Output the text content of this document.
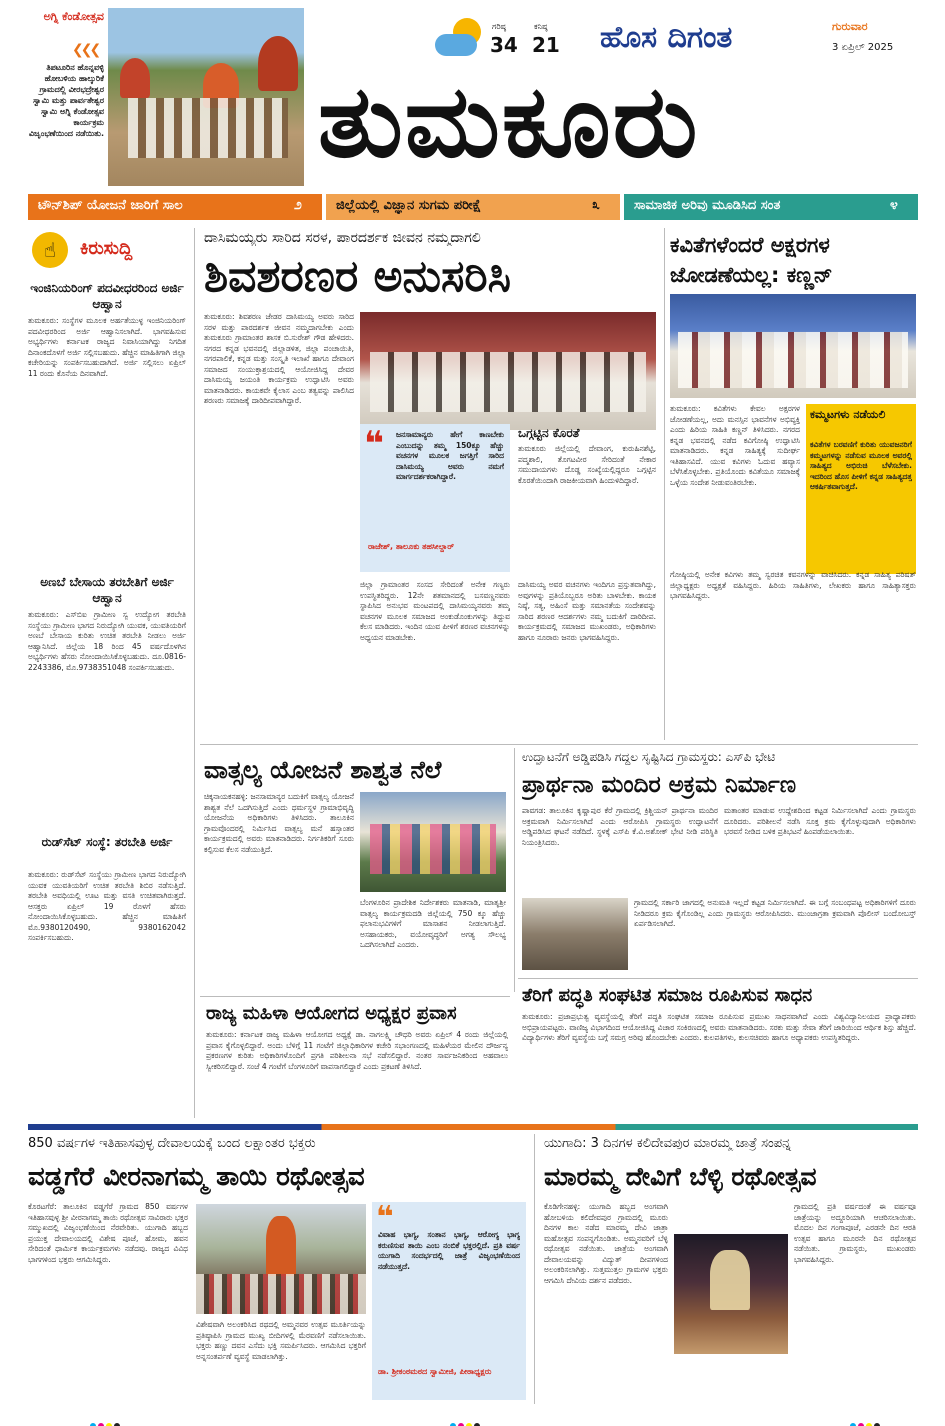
ಅಗ್ನಿ ಕೆಂಡೋತ್ಸವ
❮❮❮
ತಿಪಟೂರಿನ ಹೊನ್ನವಳ್ಳಿ ಹೋಬಳಿಯ ಹಾಲ್ಕುರಿಕೆ ಗ್ರಾಮದಲ್ಲಿ ವೀರಭದ್ರೇಶ್ವರ ಸ್ವಾಮಿ ಮತ್ತು ಪಾರ್ವತೇಶ್ವರ ಸ್ವಾಮಿ ಅಗ್ನಿ ಕೆಂಡೋತ್ಸವ ಕಾರ್ಯಕ್ರಮ ವಿಜೃಂಭಣೆಯಿಂದ ನಡೆಯಿತು.
ಗರಿಷ್ಠ
34
ಕನಿಷ್ಠ
21 ಹೊಸ ದಿಗಂತ	ಗುರುವಾರ
3 ಏಪ್ರಿಲ್ 2025
ತುಮಕೂರು
ಟೌನ್‌ಶಿಪ್ ಯೋಜನೆ ಜಾರಿಗೆ ಸಾಲ	೨	ಜಿಲ್ಲೆಯಲ್ಲಿ ವಿಜ್ಞಾನ ಸುಗಮ ಪರೀಕ್ಷೆ	೩	ಸಾಮಾಜಿಕ ಅರಿವು ಮೂಡಿಸಿದ ಸಂತ	೪
☝	ಕಿರುಸುದ್ದಿ
ಇಂಜಿನಿಯರಿಂಗ್ ಪದವೀಧರರಿಂದ ಅರ್ಜಿ ಆಹ್ವಾನ
ತುಮಕೂರು: ಸಂಸ್ಥೆಗಳ ಮೂಲಕ ಅರ್ಹತೆಯುಳ್ಳ ಇಂಜಿನಿಯರಿಂಗ್ ಪದವೀಧರರಿಂದ ಅರ್ಜಿ ಆಹ್ವಾನಿಸಲಾಗಿದೆ. ಭಾಗವಹಿಸುವ ಅಭ್ಯರ್ಥಿಗಳು ಕರ್ನಾಟಕ ರಾಜ್ಯದ ನಿವಾಸಿಯಾಗಿದ್ದು ನಿಗದಿತ ದಿನಾಂಕದೊಳಗೆ ಅರ್ಜಿ ಸಲ್ಲಿಸಬಹುದು. ಹೆಚ್ಚಿನ ಮಾಹಿತಿಗಾಗಿ ಜಿಲ್ಲಾ ಕಚೇರಿಯನ್ನು ಸಂಪರ್ಕಿಸಬಹುದಾಗಿದೆ. ಅರ್ಜಿ ಸಲ್ಲಿಸಲು ಏಪ್ರಿಲ್ 11 ರಂದು ಕೊನೆಯ ದಿನವಾಗಿದೆ.
ಅಣಬೆ ಬೇಸಾಯ ತರಬೇತಿಗೆ ಅರ್ಜಿ ಆಹ್ವಾನ
ತುಮಕೂರು: ಎಸ್‌ಬಿಐ ಗ್ರಾಮೀಣ ಸ್ವ ಉದ್ಯೋಗ ತರಬೇತಿ ಸಂಸ್ಥೆಯು ಗ್ರಾಮೀಣ ಭಾಗದ ನಿರುದ್ಯೋಗಿ ಯುವಕ, ಯುವತಿಯರಿಗೆ ಅಣಬೆ ಬೇಸಾಯ ಕುರಿತು ಉಚಿತ ತರಬೇತಿ ನೀಡಲು ಅರ್ಜಿ ಆಹ್ವಾನಿಸಿದೆ. ಜಿಲ್ಲೆಯ 18 ರಿಂದ 45 ವರ್ಷದೊಳಗಿನ ಅಭ್ಯರ್ಥಿಗಳು ಹೆಸರು ನೋಂದಾಯಿಸಿಕೊಳ್ಳಬಹುದು. ದೂ.0816-2243386, ಮೊ.9738351048 ಸಂಪರ್ಕಿಸಬಹುದು.
ರುಡ್‌ಸೆಟ್ ಸಂಸ್ಥೆ: ತರಬೇತಿ ಅರ್ಜಿ
ತುಮಕೂರು: ರುಡ್‌ಸೆಟ್ ಸಂಸ್ಥೆಯು ಗ್ರಾಮೀಣ ಭಾಗದ ನಿರುದ್ಯೋಗಿ ಯುವಕ ಯುವತಿಯರಿಗೆ ಉಚಿತ ತರಬೇತಿ ಶಿಬಿರ ನಡೆಸುತ್ತಿದೆ. ತರಬೇತಿ ಅವಧಿಯಲ್ಲಿ ಊಟ ಮತ್ತು ವಸತಿ ಉಚಿತವಾಗಿರುತ್ತದೆ. ಆಸಕ್ತರು ಏಪ್ರಿಲ್ 19 ರೊಳಗೆ ಹೆಸರು ನೋಂದಾಯಿಸಿಕೊಳ್ಳಬಹುದು. ಹೆಚ್ಚಿನ ಮಾಹಿತಿಗೆ ಮೊ.9380120490, 9380162042 ಸಂಪರ್ಕಿಸಬಹುದು.
ದಾಸಿಮಯ್ಯರು ಸಾರಿದ ಸರಳ, ಪಾರದರ್ಶಕ ಜೀವನ ನಮ್ಮದಾಗಲಿ
ಶಿವಶರಣರ ಅನುಸರಿಸಿ
ತುಮಕೂರು: ಶಿವಶರಣ ಜೇಡರ ದಾಸಿಮಯ್ಯ ಅವರು ಸಾರಿದ ಸರಳ ಮತ್ತು ಪಾರದರ್ಶಕ ಜೀವನ ನಮ್ಮದಾಗಬೇಕು ಎಂದು ತುಮಕೂರು ಗ್ರಾಮಾಂತರ ಶಾಸಕ ಬಿ.ಸುರೇಶ್ ಗೌಡ ಹೇಳಿದರು. ನಗರದ ಕನ್ನಡ ಭವನದಲ್ಲಿ ಜಿಲ್ಲಾಡಳಿತ, ಜಿಲ್ಲಾ ಪಂಚಾಯಿತಿ, ನಗರಪಾಲಿಕೆ, ಕನ್ನಡ ಮತ್ತು ಸಂಸ್ಕೃತಿ ಇಲಾಖೆ ಹಾಗೂ ದೇವಾಂಗ ಸಮಾಜದ ಸಂಯುಕ್ತಾಶ್ರಯದಲ್ಲಿ ಆಯೋಜಿಸಿದ್ದ ದೇವರ ದಾಸಿಮಯ್ಯ ಜಯಂತಿ ಕಾರ್ಯಕ್ರಮ ಉದ್ಘಾಟಿಸಿ ಅವರು ಮಾತನಾಡಿದರು. ಕಾಯಕವೇ ಕೈಲಾಸ ಎಂಬ ತತ್ವವನ್ನು ಪಾಲಿಸಿದ ಶರಣರು ಸಮಾಜಕ್ಕೆ ದಾರಿದೀಪವಾಗಿದ್ದಾರೆ.
❝ ಜನಸಾಮಾನ್ಯರು ಹೇಗೆ ಕಾಣಬೇಕು ಎಂಬುದನ್ನು ತಮ್ಮ 150ಕ್ಕೂ ಹೆಚ್ಚು ವಚನಗಳ ಮೂಲಕ ಜಗತ್ತಿಗೆ ಸಾರಿದ ದಾಸಿಮಯ್ಯ ಅವರು ನಮಗೆ ಮಾರ್ಗದರ್ಶಕರಾಗಿದ್ದಾರೆ.
ರಾಜೇಶ್, ತಾಲೂಕು ತಹಸೀಲ್ದಾರ್
ಒಗ್ಗಟ್ಟಿನ ಕೊರತೆ
ತುಮಕೂರು ಜಿಲ್ಲೆಯಲ್ಲಿ ದೇವಾಂಗ, ಕುರುಹಿನಶೆಟ್ಟಿ, ಪದ್ಮಶಾಲಿ, ತೊಗಟವೀರ ಸೇರಿದಂತೆ ನೇಕಾರ ಸಮುದಾಯಗಳು ದೊಡ್ಡ ಸಂಖ್ಯೆಯಲ್ಲಿದ್ದರೂ ಒಗ್ಗಟ್ಟಿನ ಕೊರತೆಯಿಂದಾಗಿ ರಾಜಕೀಯವಾಗಿ ಹಿಂದುಳಿದಿದ್ದಾರೆ.
ಜಿಲ್ಲಾ ಗ್ರಾಮಾಂತರ ಸಂಸದ ಸೇರಿದಂತೆ ಅನೇಕ ಗಣ್ಯರು ಉಪಸ್ಥಿತರಿದ್ದರು. 12ನೇ ಶತಮಾನದಲ್ಲಿ ಬಸವಣ್ಣನವರು ಸ್ಥಾಪಿಸಿದ ಅನುಭವ ಮಂಟಪದಲ್ಲಿ ದಾಸಿಮಯ್ಯನವರು ತಮ್ಮ ವಚನಗಳ ಮೂಲಕ ಸಮಾಜದ ಅಂಕುಡೊಂಕುಗಳನ್ನು ತಿದ್ದುವ ಕೆಲಸ ಮಾಡಿದರು. ಇಂದಿನ ಯುವ ಪೀಳಿಗೆ ಶರಣರ ವಚನಗಳನ್ನು ಅಧ್ಯಯನ ಮಾಡಬೇಕು.
ದಾಸಿಮಯ್ಯ ಅವರ ವಚನಗಳು ಇಂದಿಗೂ ಪ್ರಸ್ತುತವಾಗಿದ್ದು, ಅವುಗಳನ್ನು ಪ್ರತಿಯೊಬ್ಬರೂ ಅರಿತು ಬಾಳಬೇಕು. ಕಾಯಕ ನಿಷ್ಠೆ, ಸತ್ಯ, ಅಹಿಂಸೆ ಮತ್ತು ಸಮಾನತೆಯ ಸಂದೇಶವನ್ನು ಸಾರಿದ ಶರಣರ ಆದರ್ಶಗಳು ನಮ್ಮ ಬದುಕಿಗೆ ದಾರಿದೀಪ. ಕಾರ್ಯಕ್ರಮದಲ್ಲಿ ಸಮಾಜದ ಮುಖಂಡರು, ಅಧಿಕಾರಿಗಳು ಹಾಗೂ ನೂರಾರು ಜನರು ಭಾಗವಹಿಸಿದ್ದರು.
ಕವಿತೆಗಳೆಂದರೆ ಅಕ್ಷರಗಳ ಜೋಡಣೆಯಲ್ಲ: ಕಣ್ಣನ್
ತುಮಕೂರು: ಕವಿತೆಗಳು ಕೇವಲ ಅಕ್ಷರಗಳ ಜೋಡಣೆಯಲ್ಲ, ಅದು ಮನಸ್ಸಿನ ಭಾವನೆಗಳ ಅಭಿವ್ಯಕ್ತಿ ಎಂದು ಹಿರಿಯ ಸಾಹಿತಿ ಕಣ್ಣನ್ ತಿಳಿಸಿದರು. ನಗರದ ಕನ್ನಡ ಭವನದಲ್ಲಿ ನಡೆದ ಕವಿಗೋಷ್ಠಿ ಉದ್ಘಾಟಿಸಿ ಮಾತನಾಡಿದರು. ಕನ್ನಡ ಸಾಹಿತ್ಯಕ್ಕೆ ಸುದೀರ್ಘ ಇತಿಹಾಸವಿದೆ. ಯುವ ಕವಿಗಳು ಓದುವ ಹವ್ಯಾಸ ಬೆಳೆಸಿಕೊಳ್ಳಬೇಕು. ಪ್ರತಿಯೊಂದು ಕವಿತೆಯೂ ಸಮಾಜಕ್ಕೆ ಒಳ್ಳೆಯ ಸಂದೇಶ ನೀಡುವಂತಿರಬೇಕು.
ಕಮ್ಮಟಗಳು ನಡೆಯಲಿ
ಕವಿತೆಗಳ ಬರವಣಿಗೆ ಕುರಿತು ಯುವಜನರಿಗೆ ಕಮ್ಮಟಗಳನ್ನು ನಡೆಸುವ ಮೂಲಕ ಅವರಲ್ಲಿ ಸಾಹಿತ್ಯದ ಅಭಿರುಚಿ ಬೆಳೆಸಬೇಕು. ಇದರಿಂದ ಹೊಸ ಪೀಳಿಗೆ ಕನ್ನಡ ಸಾಹಿತ್ಯದತ್ತ ಆಕರ್ಷಿತವಾಗುತ್ತದೆ.
ಗೋಷ್ಠಿಯಲ್ಲಿ ಅನೇಕ ಕವಿಗಳು ತಮ್ಮ ಸ್ವರಚಿತ ಕವನಗಳನ್ನು ವಾಚಿಸಿದರು. ಕನ್ನಡ ಸಾಹಿತ್ಯ ಪರಿಷತ್ ಜಿಲ್ಲಾಧ್ಯಕ್ಷರು ಅಧ್ಯಕ್ಷತೆ ವಹಿಸಿದ್ದರು. ಹಿರಿಯ ಸಾಹಿತಿಗಳು, ಲೇಖಕರು ಹಾಗೂ ಸಾಹಿತ್ಯಾಸಕ್ತರು ಭಾಗವಹಿಸಿದ್ದರು.
ವಾತ್ಸಲ್ಯ ಯೋಜನೆ ಶಾಶ್ವತ ನೆಲೆ
ಚಿಕ್ಕನಾಯಕನಹಳ್ಳಿ: ಜನಸಾಮಾನ್ಯರ ಬದುಕಿಗೆ ವಾತ್ಸಲ್ಯ ಯೋಜನೆ ಶಾಶ್ವತ ನೆಲೆ ಒದಗಿಸುತ್ತಿದೆ ಎಂದು ಧರ್ಮಸ್ಥಳ ಗ್ರಾಮಾಭಿವೃದ್ಧಿ ಯೋಜನೆಯ ಅಧಿಕಾರಿಗಳು ತಿಳಿಸಿದರು. ತಾಲೂಕಿನ ಗ್ರಾಮವೊಂದರಲ್ಲಿ ನಿರ್ಮಿಸಿದ ವಾತ್ಸಲ್ಯ ಮನೆ ಹಸ್ತಾಂತರ ಕಾರ್ಯಕ್ರಮದಲ್ಲಿ ಅವರು ಮಾತನಾಡಿದರು. ನಿರ್ಗತಿಕರಿಗೆ ಸೂರು ಕಲ್ಪಿಸುವ ಕೆಲಸ ನಡೆಯುತ್ತಿದೆ.
ಬೆಂಗಳೂರಿನ ಪ್ರಾದೇಶಿಕ ನಿರ್ದೇಶಕರು ಮಾತನಾಡಿ, ಮಾತೃಶ್ರೀ ವಾತ್ಸಲ್ಯ ಕಾರ್ಯಕ್ರಮದಡಿ ಜಿಲ್ಲೆಯಲ್ಲಿ 750 ಕ್ಕೂ ಹೆಚ್ಚು ಫಲಾನುಭವಿಗಳಿಗೆ ಮಾಸಾಶನ ನೀಡಲಾಗುತ್ತಿದೆ. ಅಸಹಾಯಕರು, ವಯೋವೃದ್ಧರಿಗೆ ಅಗತ್ಯ ಸೌಲಭ್ಯ ಒದಗಿಸಲಾಗಿದೆ ಎಂದರು.
ಉದ್ಘಾಟನೆಗೆ ಅಡ್ಡಿಪಡಿಸಿ ಗದ್ದಲ ಸೃಷ್ಟಿಸಿದ ಗ್ರಾಮಸ್ಥರು: ಎಸ್‌ಪಿ ಭೇಟಿ
ಪ್ರಾರ್ಥನಾ ಮಂದಿರ ಅಕ್ರಮ ನಿರ್ಮಾಣ
ಪಾವಗಡ: ತಾಲೂಕಿನ ಕೃಷ್ಣಾಪುರ ಕೆರೆ ಗ್ರಾಮದಲ್ಲಿ ಕ್ರಿಶ್ಚಿಯನ್ ಪ್ರಾರ್ಥನಾ ಮಂದಿರ ಅಕ್ರಮವಾಗಿ ನಿರ್ಮಿಸಲಾಗಿದೆ ಎಂದು ಆರೋಪಿಸಿ ಗ್ರಾಮಸ್ಥರು ಉದ್ಘಾಟನೆಗೆ ಅಡ್ಡಿಪಡಿಸಿದ ಘಟನೆ ನಡೆದಿದೆ. ಸ್ಥಳಕ್ಕೆ ಎಸ್‌ಪಿ ಕೆ.ವಿ.ಅಶೋಕ್ ಭೇಟಿ ನೀಡಿ ಪರಿಸ್ಥಿತಿ ನಿಯಂತ್ರಿಸಿದರು.
ಮತಾಂತರ ಮಾಡುವ ಉದ್ದೇಶದಿಂದ ಕಟ್ಟಡ ನಿರ್ಮಿಸಲಾಗಿದೆ ಎಂದು ಗ್ರಾಮಸ್ಥರು ದೂರಿದರು. ಪರಿಶೀಲನೆ ನಡೆಸಿ ಸೂಕ್ತ ಕ್ರಮ ಕೈಗೊಳ್ಳುವುದಾಗಿ ಅಧಿಕಾರಿಗಳು ಭರವಸೆ ನೀಡಿದ ಬಳಿಕ ಪ್ರತಿಭಟನೆ ಹಿಂಪಡೆಯಲಾಯಿತು.
ಗ್ರಾಮದಲ್ಲಿ ಸರ್ಕಾರಿ ಜಾಗದಲ್ಲಿ ಅನುಮತಿ ಇಲ್ಲದೆ ಕಟ್ಟಡ ನಿರ್ಮಿಸಲಾಗಿದೆ. ಈ ಬಗ್ಗೆ ಸಂಬಂಧಪಟ್ಟ ಅಧಿಕಾರಿಗಳಿಗೆ ದೂರು ನೀಡಿದರೂ ಕ್ರಮ ಕೈಗೊಂಡಿಲ್ಲ ಎಂದು ಗ್ರಾಮಸ್ಥರು ಆರೋಪಿಸಿದರು. ಮುಂಜಾಗ್ರತಾ ಕ್ರಮವಾಗಿ ಪೊಲೀಸ್ ಬಂದೋಬಸ್ತ್ ಏರ್ಪಡಿಸಲಾಗಿದೆ.
ರಾಜ್ಯ ಮಹಿಳಾ ಆಯೋಗದ ಅಧ್ಯಕ್ಷರ ಪ್ರವಾಸ
ತುಮಕೂರು: ಕರ್ನಾಟಕ ರಾಜ್ಯ ಮಹಿಳಾ ಆಯೋಗದ ಅಧ್ಯಕ್ಷೆ ಡಾ. ನಾಗಲಕ್ಷ್ಮಿ ಚೌಧರಿ ಅವರು ಏಪ್ರಿಲ್ 4 ರಂದು ಜಿಲ್ಲೆಯಲ್ಲಿ ಪ್ರವಾಸ ಕೈಗೊಳ್ಳಲಿದ್ದಾರೆ. ಅಂದು ಬೆಳಿಗ್ಗೆ 11 ಗಂಟೆಗೆ ಜಿಲ್ಲಾಧಿಕಾರಿಗಳ ಕಚೇರಿ ಸಭಾಂಗಣದಲ್ಲಿ ಮಹಿಳೆಯರ ಮೇಲಿನ ದೌರ್ಜನ್ಯ ಪ್ರಕರಣಗಳ ಕುರಿತು ಅಧಿಕಾರಿಗಳೊಂದಿಗೆ ಪ್ರಗತಿ ಪರಿಶೀಲನಾ ಸಭೆ ನಡೆಸಲಿದ್ದಾರೆ. ನಂತರ ಸಾರ್ವಜನಿಕರಿಂದ ಅಹವಾಲು ಸ್ವೀಕರಿಸಲಿದ್ದಾರೆ. ಸಂಜೆ 4 ಗಂಟೆಗೆ ಬೆಂಗಳೂರಿಗೆ ವಾಪಸಾಗಲಿದ್ದಾರೆ ಎಂದು ಪ್ರಕಟಣೆ ತಿಳಿಸಿದೆ.
ತೆರಿಗೆ ಪದ್ಧತಿ ಸಂಘಟಿತ ಸಮಾಜ ರೂಪಿಸುವ ಸಾಧನ
ತುಮಕೂರು: ಪ್ರಜಾಪ್ರಭುತ್ವ ವ್ಯವಸ್ಥೆಯಲ್ಲಿ ತೆರಿಗೆ ಪದ್ಧತಿ ಸಂಘಟಿತ ಸಮಾಜ ರೂಪಿಸುವ ಪ್ರಮುಖ ಸಾಧನವಾಗಿದೆ ಎಂದು ವಿಶ್ವವಿದ್ಯಾನಿಲಯದ ಪ್ರಾಧ್ಯಾಪಕರು ಅಭಿಪ್ರಾಯಪಟ್ಟರು. ವಾಣಿಜ್ಯ ವಿಭಾಗದಿಂದ ಆಯೋಜಿಸಿದ್ದ ವಿಚಾರ ಸಂಕಿರಣದಲ್ಲಿ ಅವರು ಮಾತನಾಡಿದರು. ಸರಕು ಮತ್ತು ಸೇವಾ ತೆರಿಗೆ ಜಾರಿಯಿಂದ ಆರ್ಥಿಕ ಶಿಸ್ತು ಹೆಚ್ಚಿದೆ. ವಿದ್ಯಾರ್ಥಿಗಳು ತೆರಿಗೆ ವ್ಯವಸ್ಥೆಯ ಬಗ್ಗೆ ಸಮಗ್ರ ಅರಿವು ಹೊಂದಬೇಕು ಎಂದರು. ಕುಲಪತಿಗಳು, ಕುಲಸಚಿವರು ಹಾಗೂ ಅಧ್ಯಾಪಕರು ಉಪಸ್ಥಿತರಿದ್ದರು.
850 ವರ್ಷಗಳ ಇತಿಹಾಸವುಳ್ಳ ದೇವಾಲಯಕ್ಕೆ ಬಂದ ಲಕ್ಷಾಂತರ ಭಕ್ತರು
ವಡ್ಡಗೆರೆ ವೀರನಾಗಮ್ಮ ತಾಯಿ ರಥೋತ್ಸವ
ಕೊರಟಗೆರೆ: ತಾಲೂಕಿನ ವಡ್ಡಗೆರೆ ಗ್ರಾಮದ 850 ವರ್ಷಗಳ ಇತಿಹಾಸವುಳ್ಳ ಶ್ರೀ ವೀರನಾಗಮ್ಮ ತಾಯಿ ರಥೋತ್ಸವ ಸಾವಿರಾರು ಭಕ್ತರ ಸಮ್ಮುಖದಲ್ಲಿ ವಿಜೃಂಭಣೆಯಿಂದ ನೆರವೇರಿತು. ಯುಗಾದಿ ಹಬ್ಬದ ಪ್ರಯುಕ್ತ ದೇವಾಲಯದಲ್ಲಿ ವಿಶೇಷ ಪೂಜೆ, ಹೋಮ, ಹವನ ಸೇರಿದಂತೆ ಧಾರ್ಮಿಕ ಕಾರ್ಯಕ್ರಮಗಳು ನಡೆದವು. ರಾಜ್ಯದ ವಿವಿಧ ಭಾಗಗಳಿಂದ ಭಕ್ತರು ಆಗಮಿಸಿದ್ದರು.
ವಿಶೇಷವಾಗಿ ಅಲಂಕರಿಸಿದ ರಥದಲ್ಲಿ ಅಮ್ಮನವರ ಉತ್ಸವ ಮೂರ್ತಿಯನ್ನು ಪ್ರತಿಷ್ಠಾಪಿಸಿ ಗ್ರಾಮದ ಮುಖ್ಯ ಬೀದಿಗಳಲ್ಲಿ ಮೆರವಣಿಗೆ ನಡೆಸಲಾಯಿತು. ಭಕ್ತರು ಹಣ್ಣು ದವನ ಎಸೆದು ಭಕ್ತಿ ಸಮರ್ಪಿಸಿದರು. ಆಗಮಿಸಿದ ಭಕ್ತರಿಗೆ ಅನ್ನಸಂತರ್ಪಣೆ ವ್ಯವಸ್ಥೆ ಮಾಡಲಾಗಿತ್ತು.
❝
ವಿವಾಹ ಭಾಗ್ಯ, ಸಂತಾನ ಭಾಗ್ಯ, ಆರೋಗ್ಯ ಭಾಗ್ಯ ಕರುಣಿಸುವ ತಾಯಿ ಎಂಬ ನಂಬಿಕೆ ಭಕ್ತರಲ್ಲಿದೆ. ಪ್ರತಿ ವರ್ಷ ಯುಗಾದಿ ಸಂದರ್ಭದಲ್ಲಿ ಜಾತ್ರೆ ವಿಜೃಂಭಣೆಯಿಂದ ನಡೆಯುತ್ತದೆ.
ಡಾ. ಶ್ರೀಕಂಠಮಠದ ಸ್ವಾಮೀಜಿ, ಪೀಠಾಧ್ಯಕ್ಷರು
ಯುಗಾದಿ: 3 ದಿನಗಳ ಕಲಿದೇವಪುರ ಮಾರಮ್ಮ ಜಾತ್ರೆ ಸಂಪನ್ನ
ಮಾರಮ್ಮ ದೇವಿಗೆ ಬೆಳ್ಳಿ ರಥೋತ್ಸವ
ಕೊಡಿಗೇನಹಳ್ಳಿ: ಯುಗಾದಿ ಹಬ್ಬದ ಅಂಗವಾಗಿ ಹೋಬಳಿಯ ಕಲಿದೇವಪುರ ಗ್ರಾಮದಲ್ಲಿ ಮೂರು ದಿನಗಳ ಕಾಲ ನಡೆದ ಮಾರಮ್ಮ ದೇವಿ ಜಾತ್ರಾ ಮಹೋತ್ಸವ ಸಂಪನ್ನಗೊಂಡಿತು. ಅಮ್ಮನವರಿಗೆ ಬೆಳ್ಳಿ ರಥೋತ್ಸವ ನಡೆಯಿತು. ಜಾತ್ರೆಯ ಅಂಗವಾಗಿ ದೇವಾಲಯವನ್ನು ವಿದ್ಯುತ್ ದೀಪಗಳಿಂದ ಅಲಂಕರಿಸಲಾಗಿತ್ತು. ಸುತ್ತಮುತ್ತಲ ಗ್ರಾಮಗಳ ಭಕ್ತರು ಆಗಮಿಸಿ ದೇವಿಯ ದರ್ಶನ ಪಡೆದರು.
ಗ್ರಾಮದಲ್ಲಿ ಪ್ರತಿ ವರ್ಷದಂತೆ ಈ ವರ್ಷವೂ ಜಾತ್ರೆಯನ್ನು ಅದ್ದೂರಿಯಾಗಿ ಆಚರಿಸಲಾಯಿತು. ಮೊದಲ ದಿನ ಗಂಗಾಪೂಜೆ, ಎರಡನೇ ದಿನ ಆರತಿ ಉತ್ಸವ ಹಾಗೂ ಮೂರನೇ ದಿನ ರಥೋತ್ಸವ ನಡೆಯಿತು. ಗ್ರಾಮಸ್ಥರು, ಮುಖಂಡರು ಭಾಗವಹಿಸಿದ್ದರು.
